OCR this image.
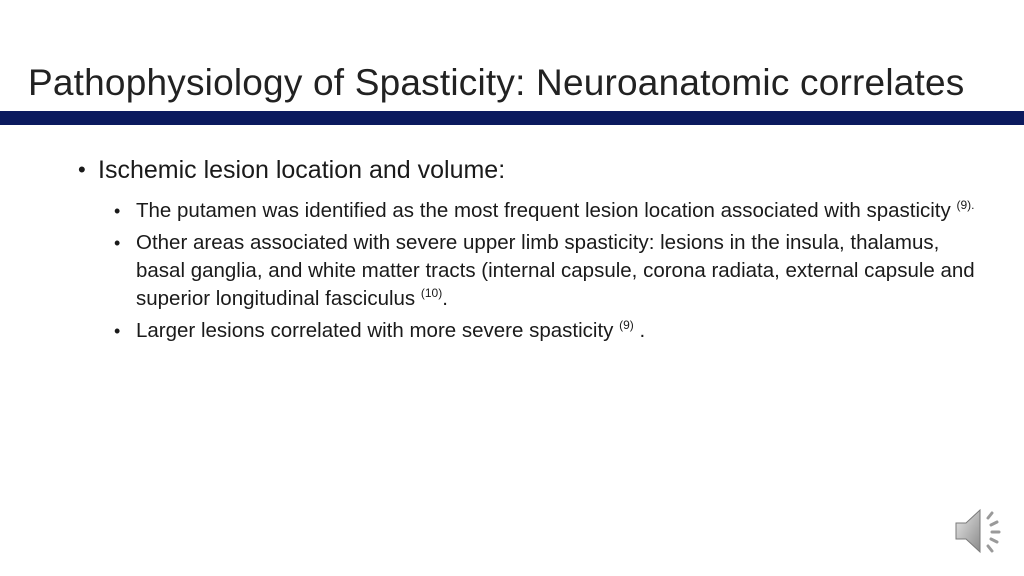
Pathophysiology of Spasticity: Neuroanatomic correlates
• Ischemic lesion location and volume:
• The putamen was identified as the most frequent lesion location associated with spasticity $^{(9).}$
• Other areas associated with severe upper limb spasticity: lesions in the insula, thalamus, basal ganglia, and white matter tracts (internal capsule, corona radiata, external capsule and superior longitudinal fasciculus $^{(10)}$.
• Larger lesions correlated with more severe spasticity $^{(9)}$ .
